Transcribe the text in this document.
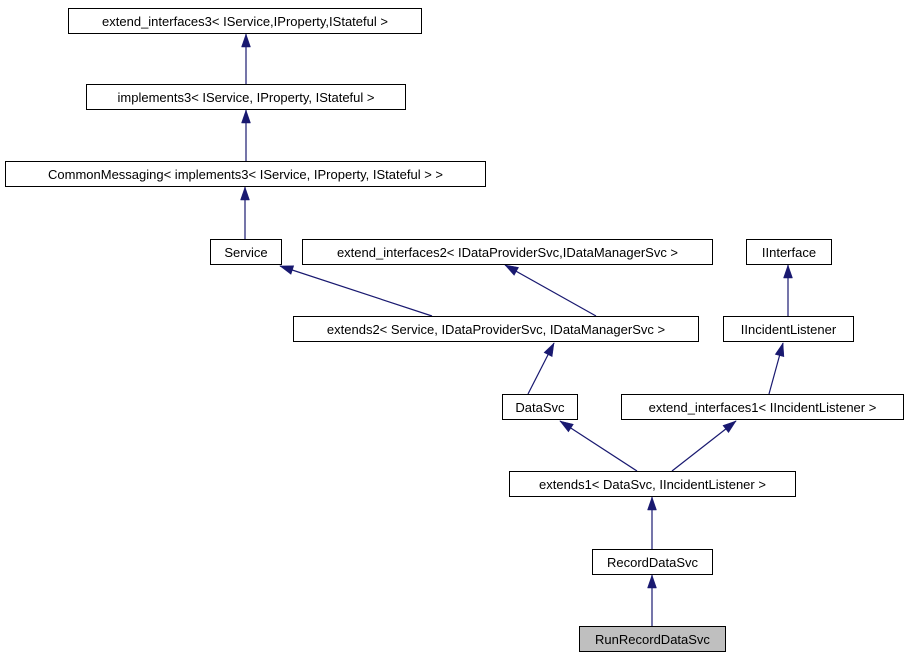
extend_interfaces3< IService,IProperty,IStateful >
implements3< IService, IProperty, IStateful >
CommonMessaging< implements3< IService, IProperty, IStateful > >
Service	extend_interfaces2< IDataProviderSvc,IDataManagerSvc >	IInterface
extends2< Service, IDataProviderSvc, IDataManagerSvc >	IIncidentListener
DataSvc	extend_interfaces1< IIncidentListener >
extends1< DataSvc, IIncidentListener >
RecordDataSvc
RunRecordDataSvc
